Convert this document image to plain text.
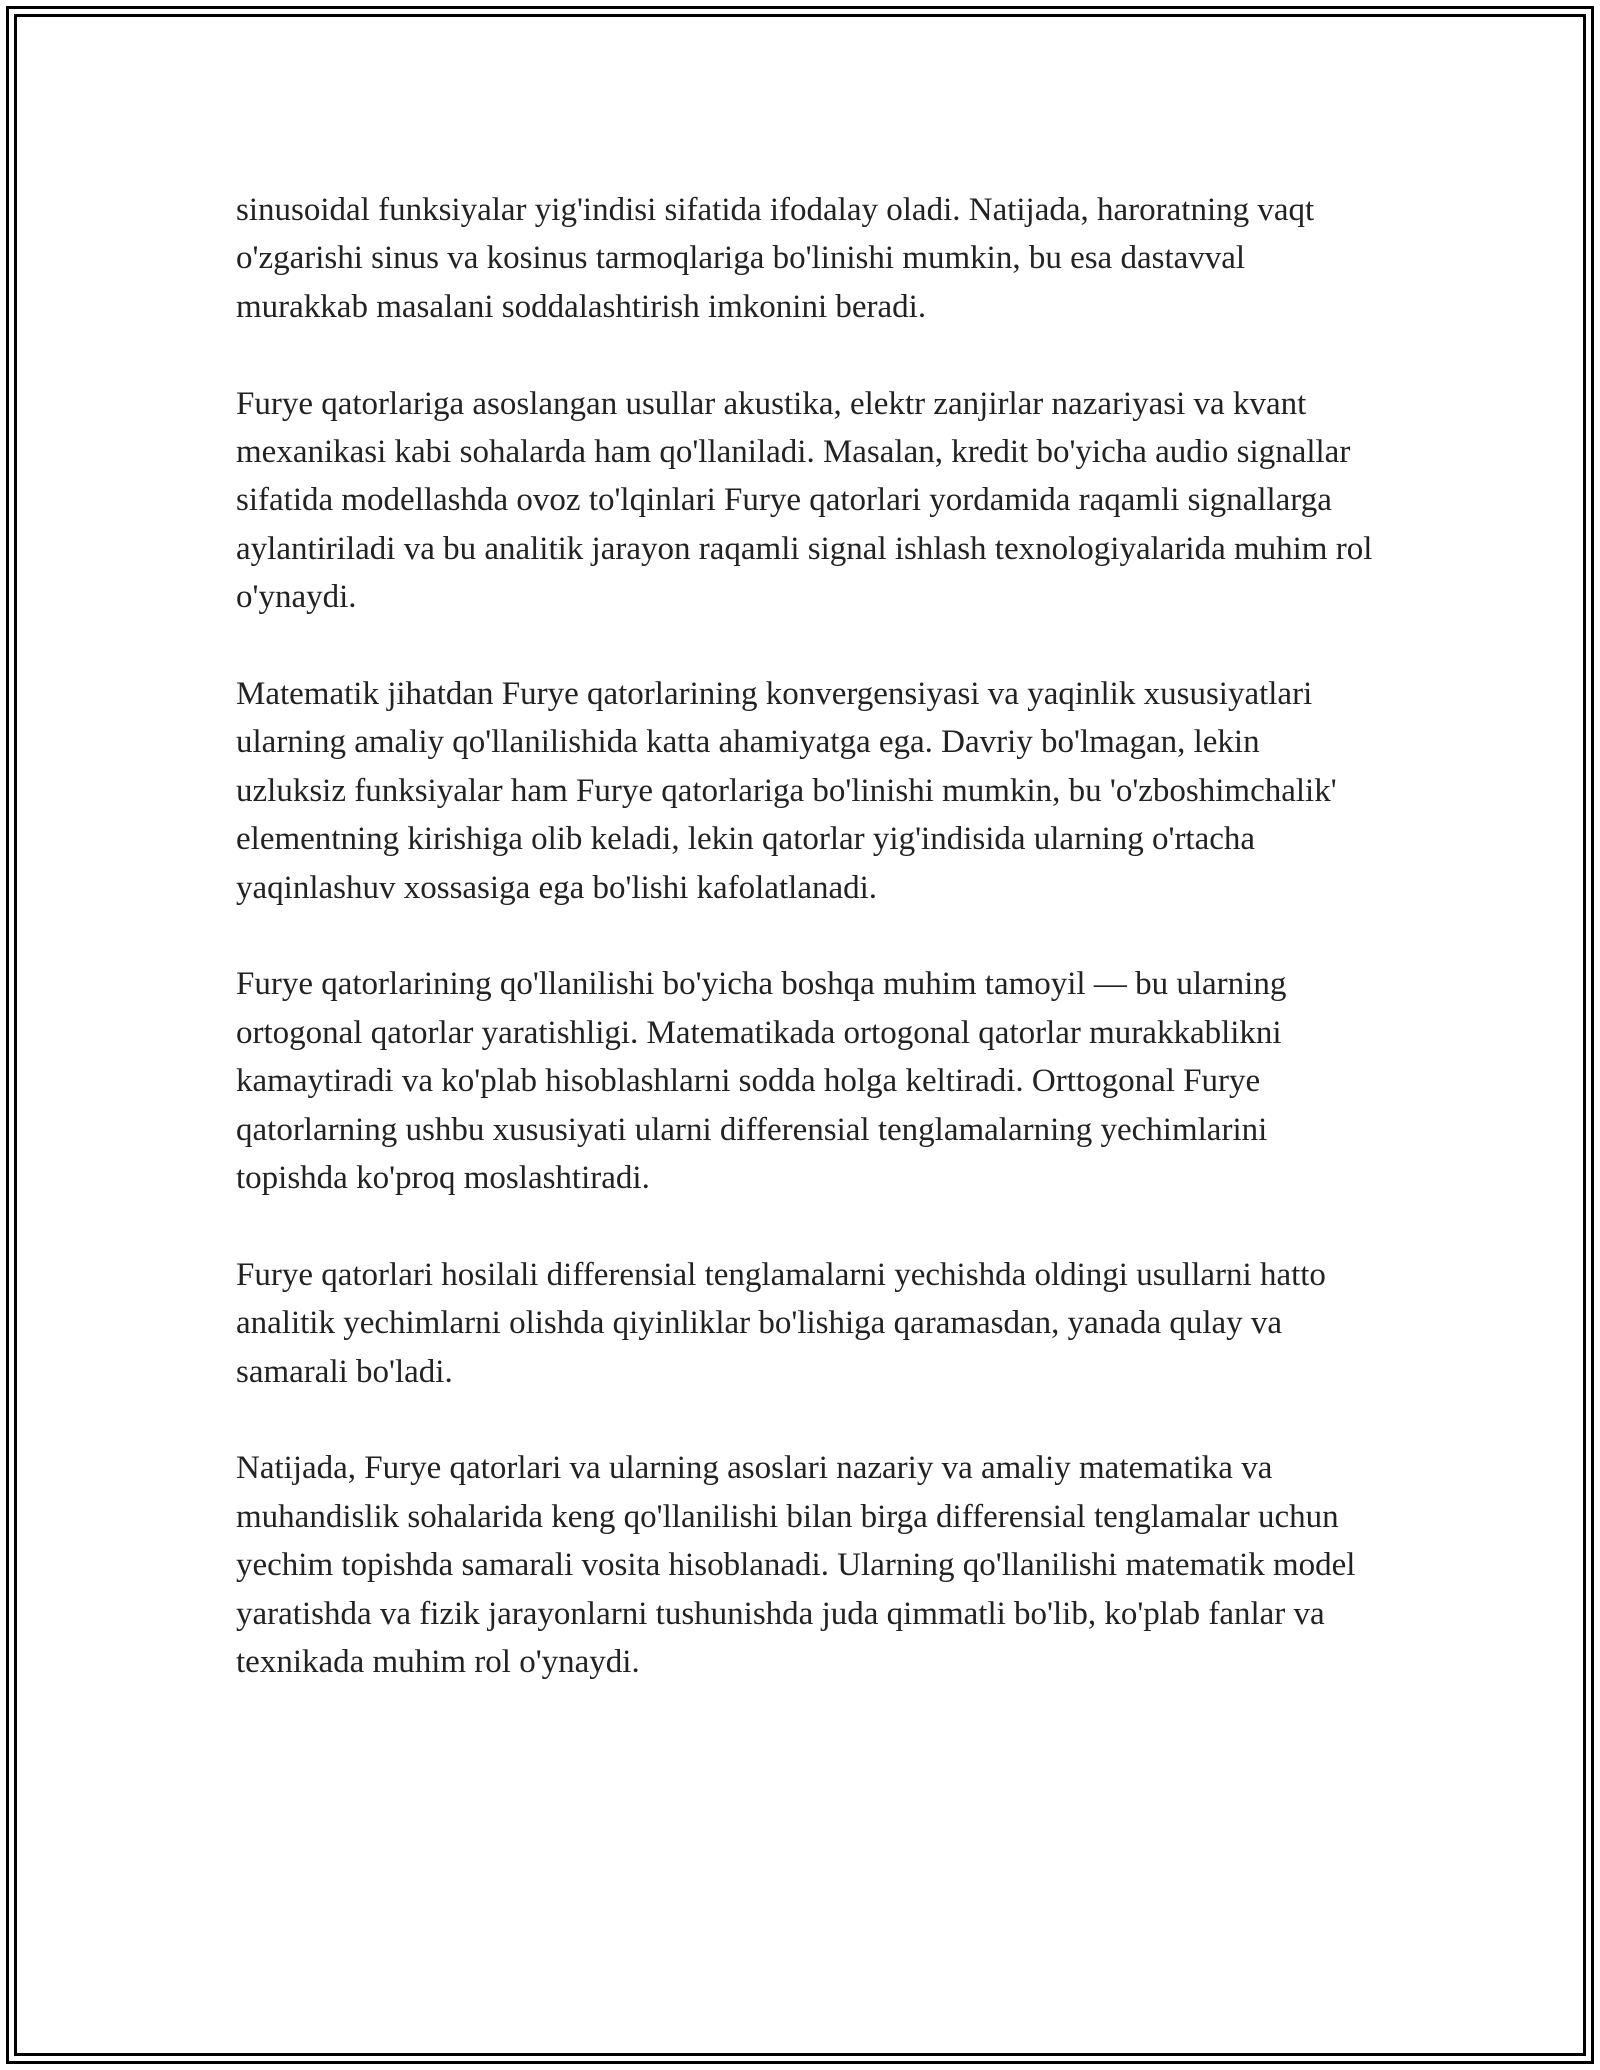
sinusoidal funksiyalar yig'indisi sifatida ifodalay oladi. Natijada, haroratning vaqt o'zgarishi sinus va kosinus tarmoqlariga bo'linishi mumkin, bu esa dastavval murakkab masalani soddalashtirish imkonini beradi.

Furye qatorlariga asoslangan usullar akustika, elektr zanjirlar nazariyasi va kvant mexanikasi kabi sohalarda ham qo'llaniladi. Masalan, kredit bo'yicha audio signallar sifatida modellashda ovoz to'lqinlari Furye qatorlari yordamida raqamli signallarga aylantiriladi va bu analitik jarayon raqamli signal ishlash texnologiyalarida muhim rol o'ynaydi.

Matematik jihatdan Furye qatorlarining konvergensiyasi va yaqinlik xususiyatlari ularning amaliy qo'llanilishida katta ahamiyatga ega. Davriy bo'lmagan, lekin uzluksiz funksiyalar ham Furye qatorlariga bo'linishi mumkin, bu 'o'zboshimchalik' elementning kirishiga olib keladi, lekin qatorlar yig'indisida ularning o'rtacha yaqinlashuv xossasiga ega bo'lishi kafolatlanadi.

Furye qatorlarining qo'llanilishi bo'yicha boshqa muhim tamoyil — bu ularning ortogonal qatorlar yaratishligi. Matematikada ortogonal qatorlar murakkablikni kamaytiradi va ko'plab hisoblashlarni sodda holga keltiradi. Orttogonal Furye qatorlarning ushbu xususiyati ularni differensial tenglamalarning yechimlarini topishda ko'proq moslashtiradi.

Furye qatorlari hosilali differensial tenglamalarni yechishda oldingi usullarni hatto analitik yechimlarni olishda qiyinliklar bo'lishiga qaramasdan, yanada qulay va samarali bo'ladi.

Natijada, Furye qatorlari va ularning asoslari nazariy va amaliy matematika va muhandislik sohalarida keng qo'llanilishi bilan birga differensial tenglamalar uchun yechim topishda samarali vosita hisoblanadi. Ularning qo'llanilishi matematik model yaratishda va fizik jarayonlarni tushunishda juda qimmatli bo'lib, ko'plab fanlar va texnikada muhim rol o'ynaydi.
